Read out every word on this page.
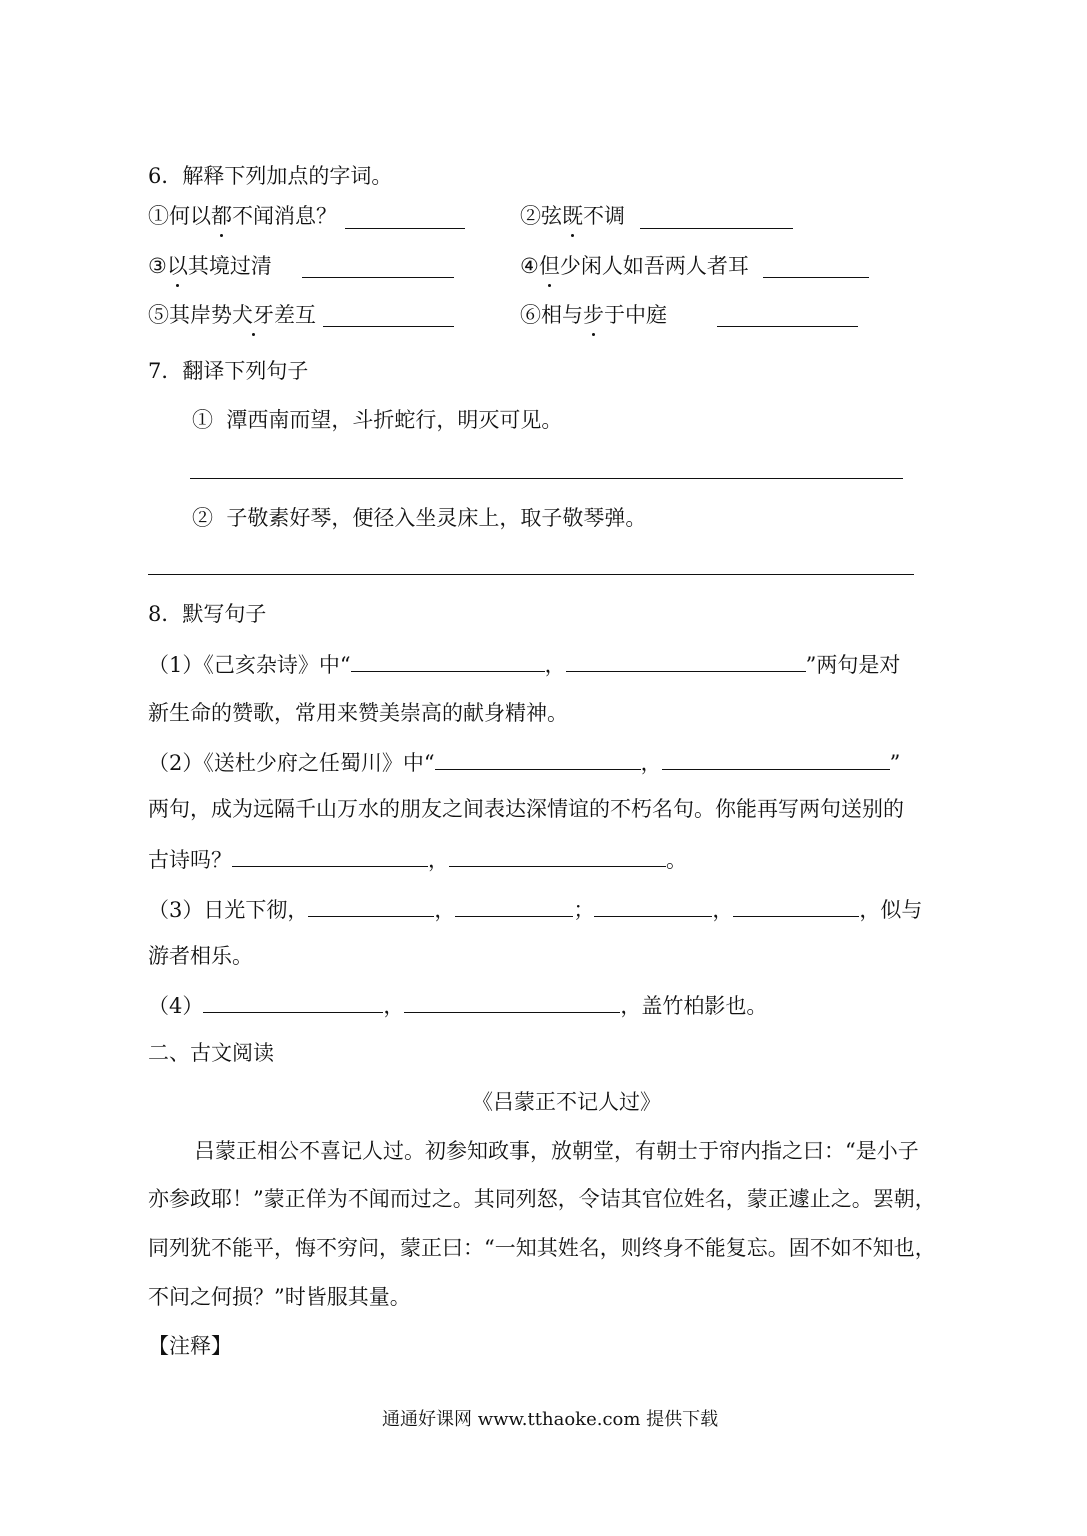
6．解释下列加点的字词。
①何以都不闻消息？	②弦既不调
③以其境过清	④但少闲人如吾两人者耳
⑤其岸势犬牙差互	⑥相与步于中庭
7．翻译下列句子
① 潭西南而望，斗折蛇行，明灭可见。
② 子敬素好琴，便径入坐灵床上，取子敬琴弹。
8．默写句子
（1）《己亥杂诗》中“	，	”两句是对
新生命的赞歌，常用来赞美崇高的献身精神。
（2）《送杜少府之任蜀川》中“	，	”
两句，成为远隔千山万水的朋友之间表达深情谊的不朽名句。你能再写两句送别的
古诗吗？	，	。
（3）日光下彻，	，	；	，	，似与
游者相乐。
（4）	，	，盖竹柏影也。
二、古文阅读
《吕蒙正不记人过》
吕蒙正相公不喜记人过。初参知政事，放朝堂，有朝士于帘内指之曰：“是小子
亦参政耶！”蒙正佯为不闻而过之。其同列怒，令诘其官位姓名，蒙正遽止之。罢朝，
同列犹不能平，悔不穷问，蒙正曰：“一知其姓名，则终身不能复忘。固不如不知也，
不问之何损？”时皆服其量。
【注释】
通通好课网 www.tthaoke.com 提供下载
